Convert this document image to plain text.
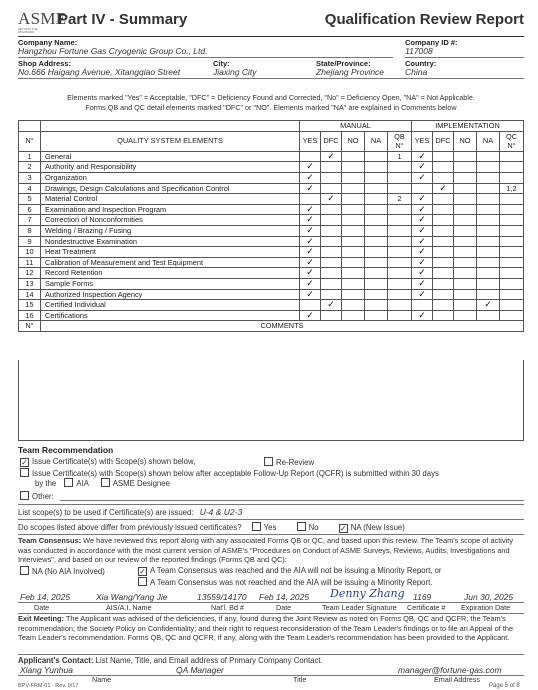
ASME
SETTING THE STANDARD
Part IV - Summary	Qualification Review Report
Company Name:
Hangzhou Fortune Gas Cryogenic Group Co., Ltd.
Company ID #:
117008
Shop Address:
No.666 Haigang Avenue, Xitangqiao Street
City:
Jiaxing City
State/Province:
Zhejiang Province
Country:
China
Elements marked "Yes" = Acceptable, "DFC" = Deficiency Found and Corrected, "No" = Deficiency Open, "NA" = Not Applicable.
Forms QB and QC detail elements marked "DFC" or "NO". Elements marked "NA" are explained in Comments below
		MANUAL					IMPLEMENTATION				
N°	QUALITY SYSTEM ELEMENTS	YES	DFC	NO	NA	QB N°	YES	DFC	NO	NA	QC N°
1	General		✓			1	✓				
2	Authority and Responsibility	✓					✓				
3	Organization	✓					✓				
4	Drawings, Design Calculations and Specification Control	✓						✓			1,2
5	Material Control		✓			2	✓				
6	Examination and Inspection Program	✓					✓				
7	Correction of Nonconformities	✓					✓				
8	Welding / Brazing / Fusing	✓					✓				
9	Nondestructive Examination	✓					✓				
10	Heat Treatment	✓					✓				
11	Calibration of Measurement and Test Equipment	✓					✓				
12	Record Retention	✓					✓				
13	Sample Forms	✓					✓				
14	Authorized Inspection Agency	✓					✓				
15	Certified Individual		✓							✓	
16	Certifications	✓					✓				
N°	COMMENTS										
Team Recommendation
✓ Issue Certificate(s) with Scope(s) shown below,	Re-Review
Issue Certificate(s) with Scope(s) shown below after acceptable Follow-Up Report (QCFR) is submitted within 30 days
by the	AIA	ASME Designee
Other:
List scope(s) to be used if Certificate(s) are issued: U-4 & U2-3
Do scopes listed above differ from previously issued certificates?	Yes	No	✓ NA (New Issue)
Team Consensus: We have reviewed this report along with any associated Forms QB or QC, and based upon this review. The Team's scope of activity was conducted in accordance with the most current version of ASME's "Procedures on Conduct of ASME Surveys, Reviews, Audits, Investigations and Interviews", and based on our review of the reported findings (Forms QB and QC):
NA (No AIA Involved)	✓ A Team Consensus was reached and the AIA will not be issuing a Minority Report, or
A Team Consensus was not reached and the AIA will be issuing a Minority Report.
Feb 14, 2025	Xia Wang/Yang Jie	13559/14170 Feb 14, 2025 Denny Zhang 1169	Jun 30, 2025
Date	AIS/A.I. Name	Nat'l. Bd #	Date	Team Leader Signature Certificate # Expiration Date
Exit Meeting: The Applicant was advised of the deficiencies, if any, found during the Joint Review as noted on Forms QB, QC and QCFR; the Team's recommendation; the Society Policy on Confidentiality; and their right to request reconsideration of the Team Leader's findings or to file an Appeal of the Team Leader's recommendation. Forms QB, QC and QCFR, if any, along with the Team Leader's recommendation has been provided to the Applicant.
Applicant's Contact: List Name, Title, and Email address of Primary Company Contact.
Xiang Yunhua	QA Manager	manager@fortune-gas.com
Name	Title	Email Address
BPV-FRM-01 - Rev. 9/17	Page 5 of 8
